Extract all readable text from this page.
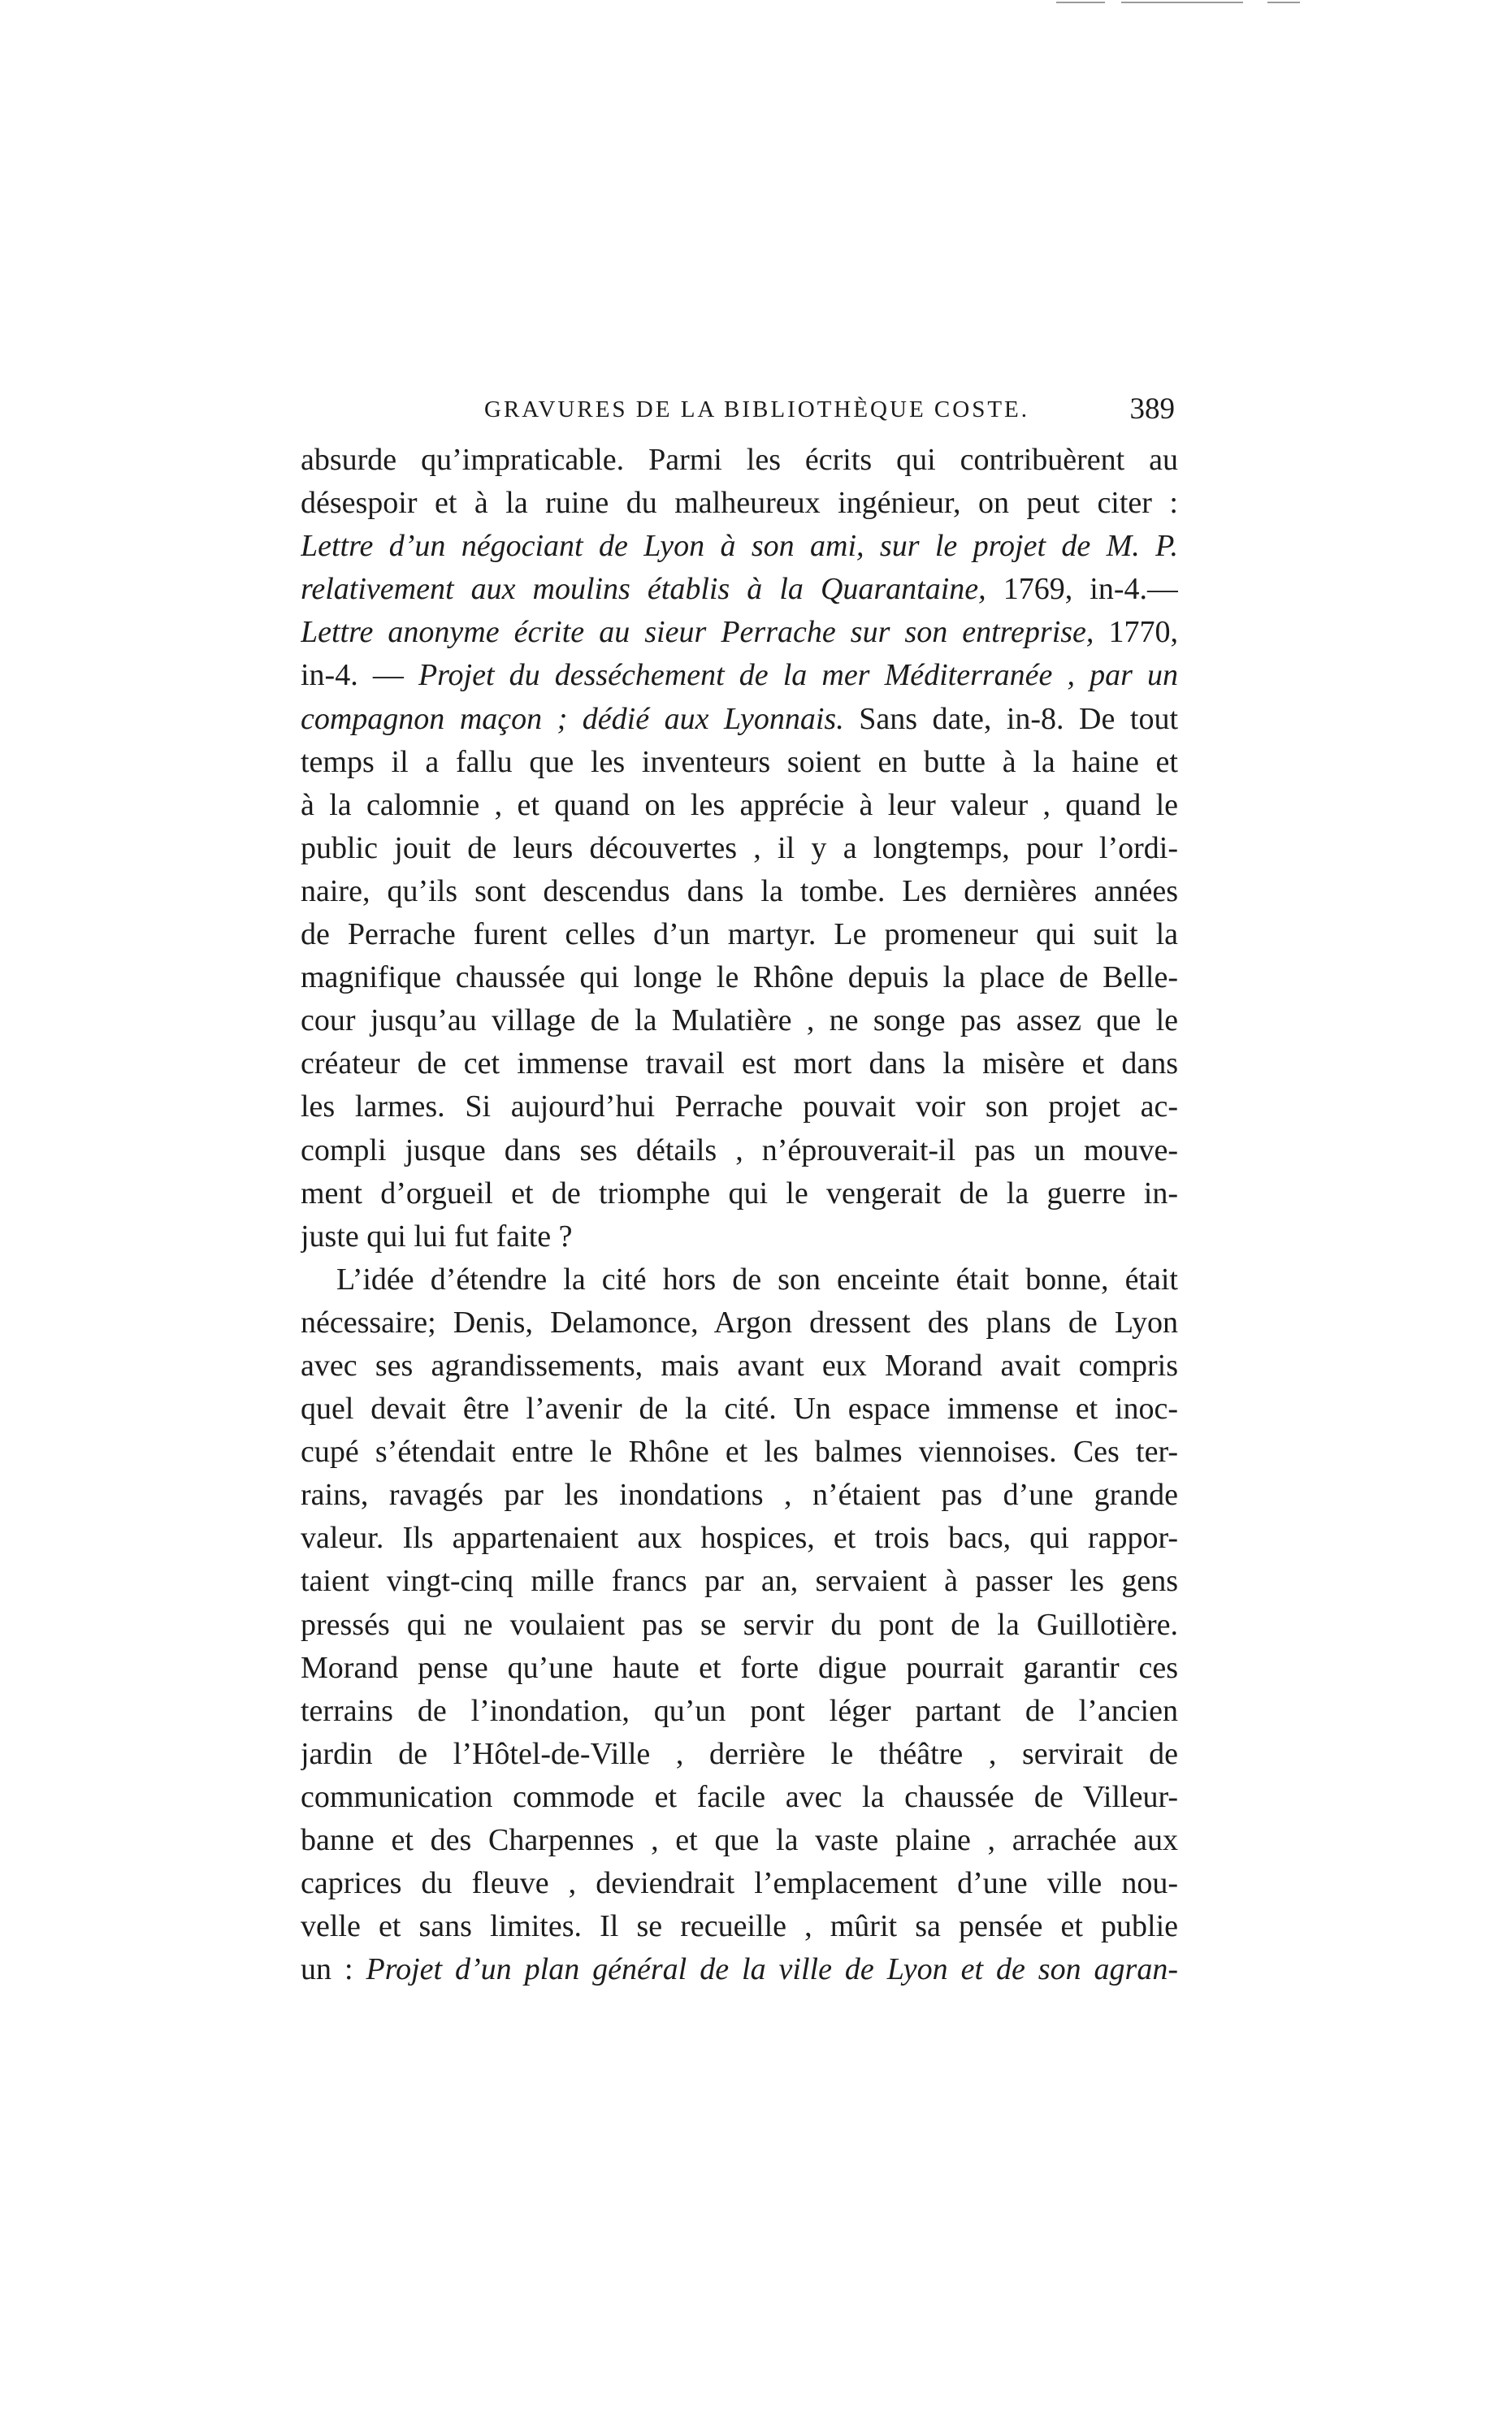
GRAVURES DE LA BIBLIOTHÈQUE COSTE.	389
absurde qu’impraticable. Parmi les écrits qui contribuèrent au
désespoir et à la ruine du malheureux ingénieur, on peut citer :
Lettre d’un négociant de Lyon à son ami, sur le projet de M. P.
relativement aux moulins établis à la Quarantaine, 1769, in-4.—
Lettre anonyme écrite au sieur Perrache sur son entreprise, 1770,
in-4. — Projet du desséchement de la mer Méditerranée , par un
compagnon maçon ; dédié aux Lyonnais. Sans date, in-8. De tout
temps il a fallu que les inventeurs soient en butte à la haine et
à la calomnie , et quand on les apprécie à leur valeur , quand le
public jouit de leurs découvertes , il y a longtemps, pour l’ordi-
naire, qu’ils sont descendus dans la tombe. Les dernières années
de Perrache furent celles d’un martyr. Le promeneur qui suit la
magnifique chaussée qui longe le Rhône depuis la place de Belle-
cour jusqu’au village de la Mulatière , ne songe pas assez que le
créateur de cet immense travail est mort dans la misère et dans
les larmes. Si aujourd’hui Perrache pouvait voir son projet ac-
compli jusque dans ses détails , n’éprouverait-il pas un mouve-
ment d’orgueil et de triomphe qui le vengerait de la guerre in-
juste qui lui fut faite ?
L’idée d’étendre la cité hors de son enceinte était bonne, était
nécessaire; Denis, Delamonce, Argon dressent des plans de Lyon
avec ses agrandissements, mais avant eux Morand avait compris
quel devait être l’avenir de la cité. Un espace immense et inoc-
cupé s’étendait entre le Rhône et les balmes viennoises. Ces ter-
rains, ravagés par les inondations , n’étaient pas d’une grande
valeur. Ils appartenaient aux hospices, et trois bacs, qui rappor-
taient vingt-cinq mille francs par an, servaient à passer les gens
pressés qui ne voulaient pas se servir du pont de la Guillotière.
Morand pense qu’une haute et forte digue pourrait garantir ces
terrains de l’inondation, qu’un pont léger partant de l’ancien
jardin de l’Hôtel-de-Ville , derrière le théâtre , servirait de
communication commode et facile avec la chaussée de Villeur-
banne et des Charpennes , et que la vaste plaine , arrachée aux
caprices du fleuve , deviendrait l’emplacement d’une ville nou-
velle et sans limites. Il se recueille , mûrit sa pensée et publie
un : Projet d’un plan général de la ville de Lyon et de son agran-
